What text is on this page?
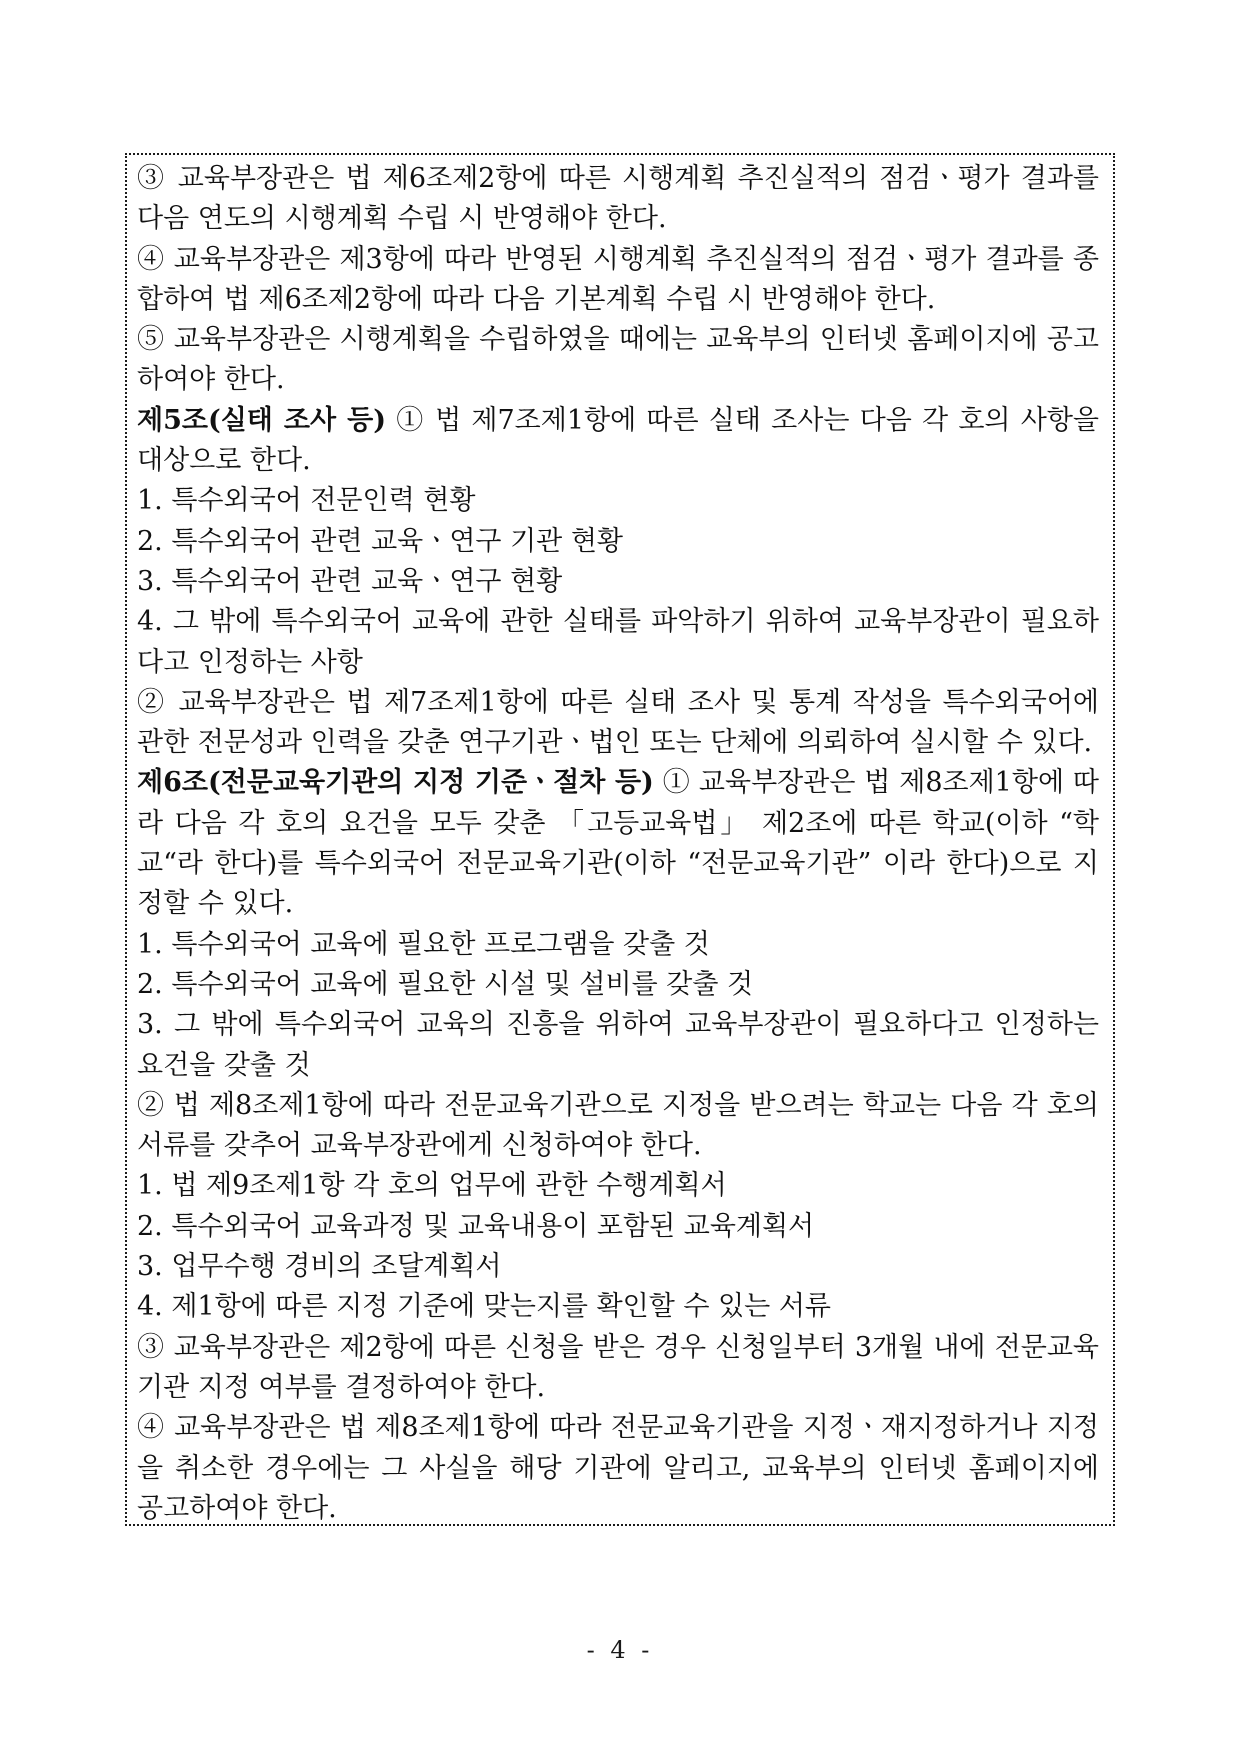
③ 교육부장관은 법 제6조제2항에 따른 시행계획 추진실적의 점검ㆍ평가 결과를 다음 연도의 시행계획 수립 시 반영해야 한다.

④ 교육부장관은 제3항에 따라 반영된 시행계획 추진실적의 점검ㆍ평가 결과를 종합하여 법 제6조제2항에 따라 다음 기본계획 수립 시 반영해야 한다.

⑤ 교육부장관은 시행계획을 수립하였을 때에는 교육부의 인터넷 홈페이지에 공고하여야 한다.

제5조(실태 조사 등) ① 법 제7조제1항에 따른 실태 조사는 다음 각 호의 사항을 대상으로 한다.

1. 특수외국어 전문인력 현황

2. 특수외국어 관련 교육ㆍ연구 기관 현황

3. 특수외국어 관련 교육ㆍ연구 현황

4. 그 밖에 특수외국어 교육에 관한 실태를 파악하기 위하여 교육부장관이 필요하다고 인정하는 사항

② 교육부장관은 법 제7조제1항에 따른 실태 조사 및 통계 작성을 특수외국어에 관한 전문성과 인력을 갖춘 연구기관ㆍ법인 또는 단체에 의뢰하여 실시할 수 있다.

제6조(전문교육기관의 지정 기준ㆍ절차 등) ① 교육부장관은 법 제8조제1항에 따라 다음 각 호의 요건을 모두 갖춘 「고등교육법」 제2조에 따른 학교(이하 “학교“라 한다)를 특수외국어 전문교육기관(이하 “전문교육기관” 이라 한다)으로 지정할 수 있다.

1. 특수외국어 교육에 필요한 프로그램을 갖출 것

2. 특수외국어 교육에 필요한 시설 및 설비를 갖출 것

3. 그 밖에 특수외국어 교육의 진흥을 위하여 교육부장관이 필요하다고 인정하는 요건을 갖출 것

② 법 제8조제1항에 따라 전문교육기관으로 지정을 받으려는 학교는 다음 각 호의 서류를 갖추어 교육부장관에게 신청하여야 한다.

1. 법 제9조제1항 각 호의 업무에 관한 수행계획서

2. 특수외국어 교육과정 및 교육내용이 포함된 교육계획서

3. 업무수행 경비의 조달계획서

4. 제1항에 따른 지정 기준에 맞는지를 확인할 수 있는 서류

③ 교육부장관은 제2항에 따른 신청을 받은 경우 신청일부터 3개월 내에 전문교육기관 지정 여부를 결정하여야 한다.

④ 교육부장관은 법 제8조제1항에 따라 전문교육기관을 지정ㆍ재지정하거나 지정을 취소한 경우에는 그 사실을 해당 기관에 알리고, 교육부의 인터넷 홈페이지에 공고하여야 한다.

- 4 -
